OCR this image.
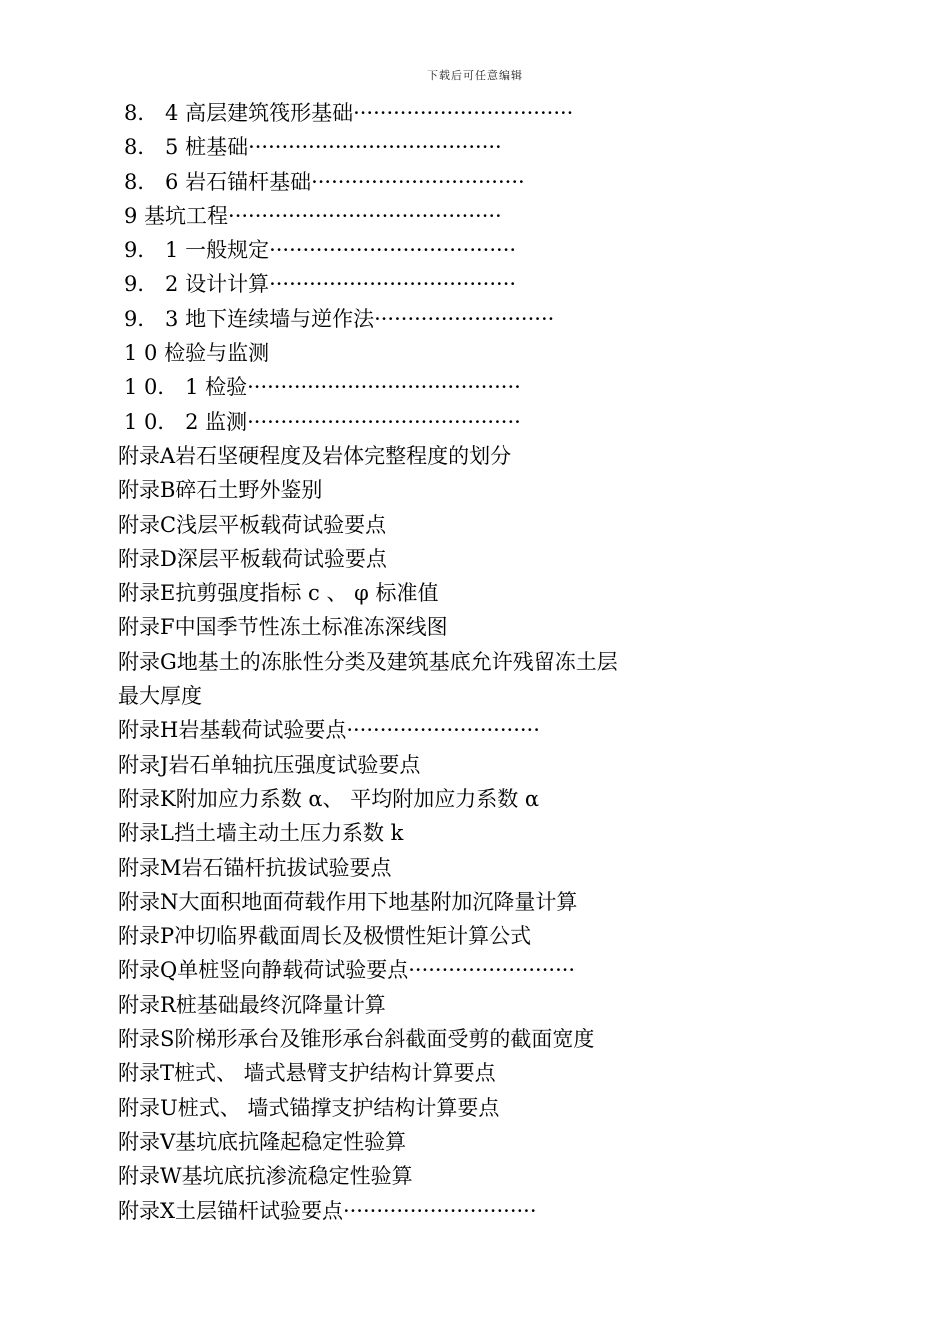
下载后可任意编辑
8． 4 高层建筑筏形基础·································
8． 5 桩基础······································
8． 6 岩石锚杆基础································
9 基坑工程·········································
9． 1 一般规定·····································
9． 2 设计计算·····································
9． 3 地下连续墙与逆作法···························
1 0 检验与监测
1 0． 1 检验·········································
1 0． 2 监测·········································
附录A岩石坚硬程度及岩体完整程度的划分
附录B碎石土野外鉴别
附录C浅层平板载荷试验要点
附录D深层平板载荷试验要点
附录E抗剪强度指标 c 、 φ 标准值
附录F中国季节性冻土标准冻深线图
附录G地基土的冻胀性分类及建筑基底允许残留冻土层
最大厚度
附录H岩基载荷试验要点·····························
附录J岩石单轴抗压强度试验要点
附录K附加应力系数 α、 平均附加应力系数 α
附录L挡土墙主动土压力系数 k
附录M岩石锚杆抗拔试验要点
附录N大面积地面荷载作用下地基附加沉降量计算
附录P冲切临界截面周长及极惯性矩计算公式
附录Q单桩竖向静载荷试验要点·························
附录R桩基础最终沉降量计算
附录S阶梯形承台及锥形承台斜截面受剪的截面宽度
附录T桩式、 墙式悬臂支护结构计算要点
附录U桩式、 墙式锚撑支护结构计算要点
附录V基坑底抗隆起稳定性验算
附录W基坑底抗渗流稳定性验算
附录X土层锚杆试验要点·····························
